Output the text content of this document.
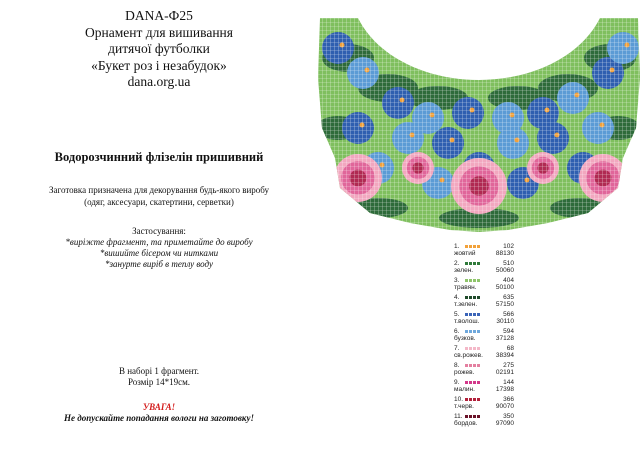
DANA-Ф25
Орнамент для вишивання
дитячої футболки
«Букет роз і незабудок»
dana.org.ua
Водорозчинний флізелін пришивний
Заготовка призначена для декорування будь-якого виробу
(одяг, аксесуари, скатертини, серветки)
Застосування:
*виріжте фрагмент, та приметайте до виробу
*вишийте бісером чи нитками
*занурте виріб в теплу воду
В наборі 1 фрагмент.
Розмір 14*19см.
УВАГА!
Не допускайте попадання вологи на заготовку!
1.	102
жовтий	88130
2.	510
зелен.	50060
3.	404
травян.	50100
4.	635
т.зелен.	57150
5.	566
т.волош.	30110
6.	594
бузков.	37128
7.	68
св.рожев. 38394
8.	275
рожев.	02191
9.	144
малин.	17398
10.	366
т.черв.	90070
11.	350
бордов.	97090
